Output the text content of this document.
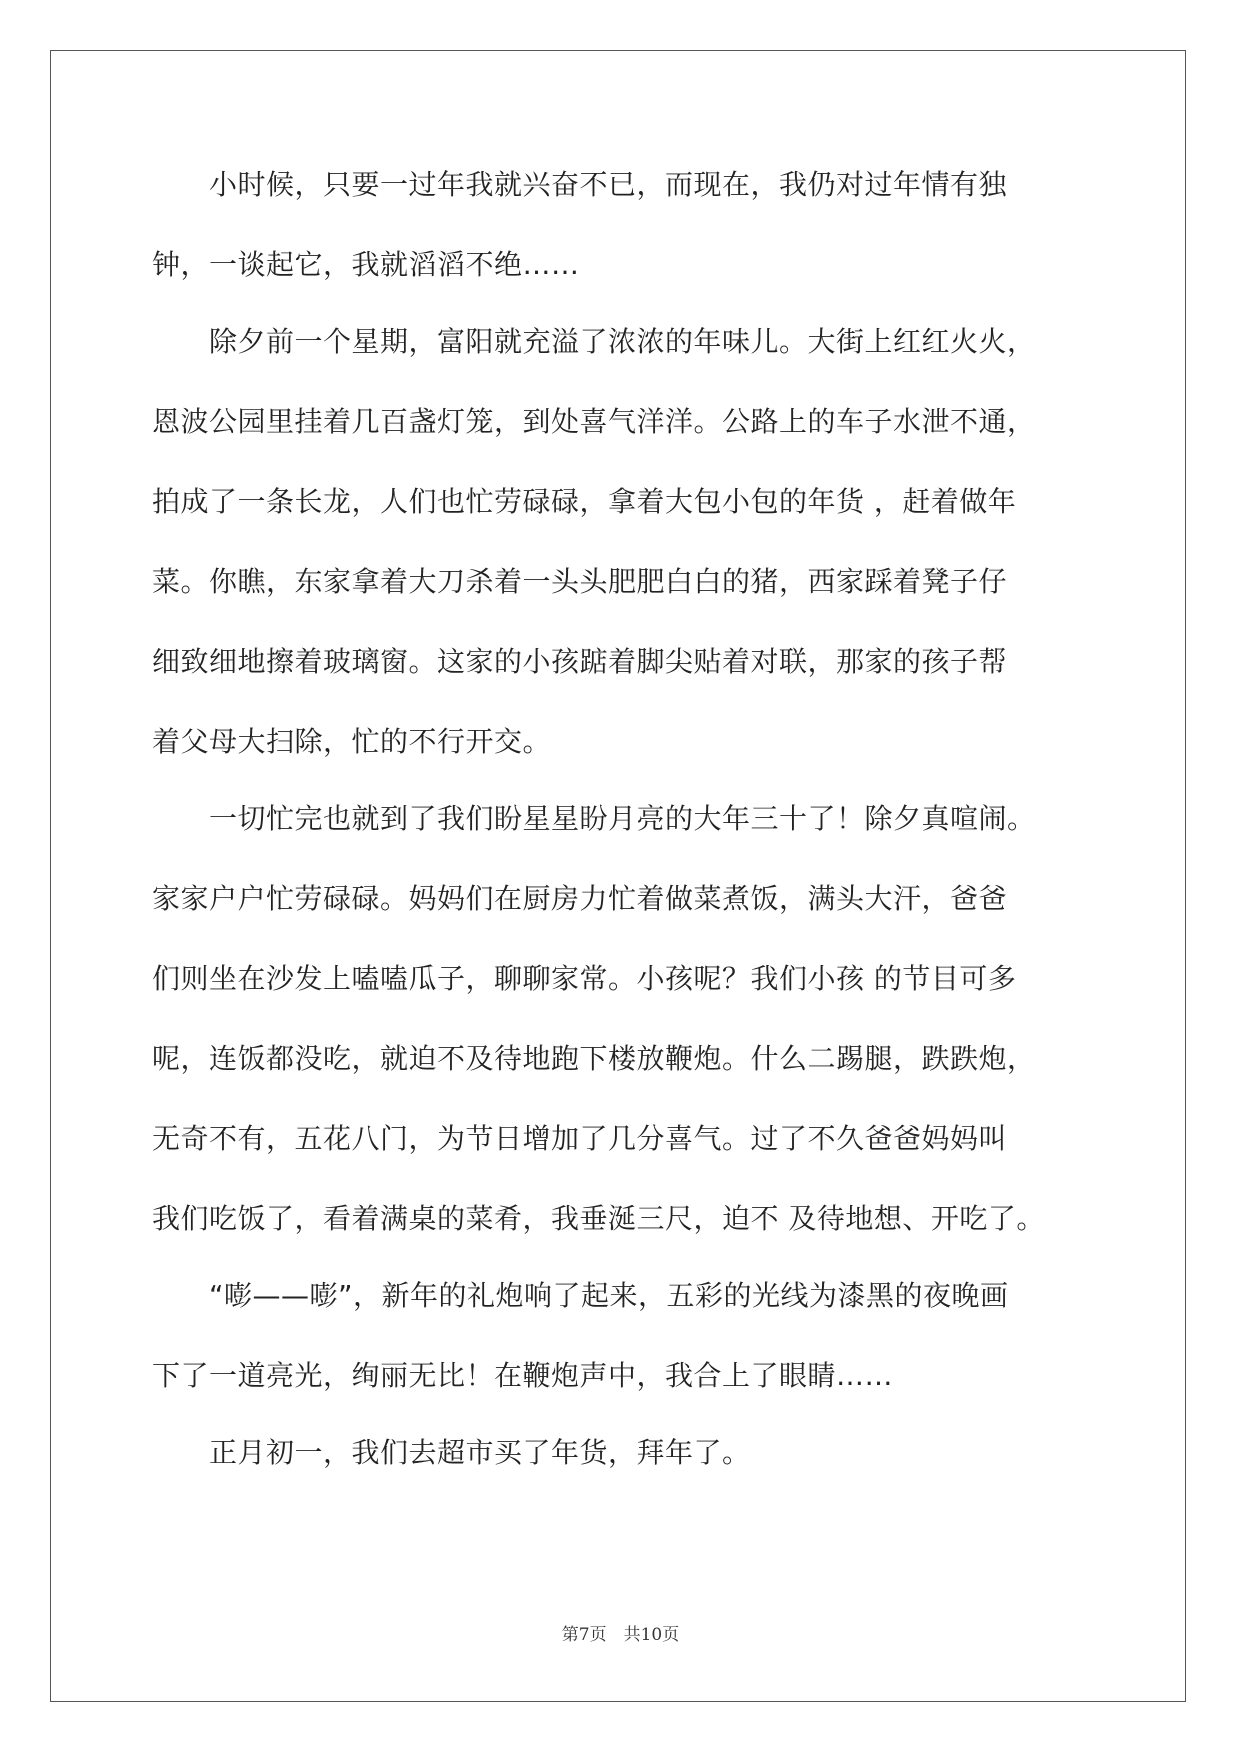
　　小时候，只要一过年我就兴奋不已，而现在，我仍对过年情有独
钟，一谈起它，我就滔滔不绝……
　　除夕前一个星期，富阳就充溢了浓浓的年味儿。大街上红红火火，
恩波公园里挂着几百盏灯笼，到处喜气洋洋。公路上的车子水泄不通，
拍成了一条长龙，人们也忙劳碌碌，拿着大包小包的年货 ，赶着做年
菜。你瞧，东家拿着大刀杀着一头头肥肥白白的猪，西家踩着凳子仔
细致细地擦着玻璃窗。这家的小孩踮着脚尖贴着对联，那家的孩子帮
着父母大扫除，忙的不行开交。
　　一切忙完也就到了我们盼星星盼月亮的大年三十了！除夕真喧闹。
家家户户忙劳碌碌。妈妈们在厨房力忙着做菜煮饭，满头大汗，爸爸
们则坐在沙发上嗑嗑瓜子，聊聊家常。小孩呢？我们小孩 的节目可多
呢，连饭都没吃，就迫不及待地跑下楼放鞭炮。什么二踢腿，跌跌炮，
无奇不有，五花八门，为节日增加了几分喜气。过了不久爸爸妈妈叫
我们吃饭了，看着满桌的菜肴，我垂涎三尺，迫不 及待地想、开吃了。
　　“嘭——嘭”，新年的礼炮响了起来，五彩的光线为漆黑的夜晚画
下了一道亮光，绚丽无比！在鞭炮声中，我合上了眼睛……
　　正月初一，我们去超市买了年货，拜年了。
第7页　共10页
